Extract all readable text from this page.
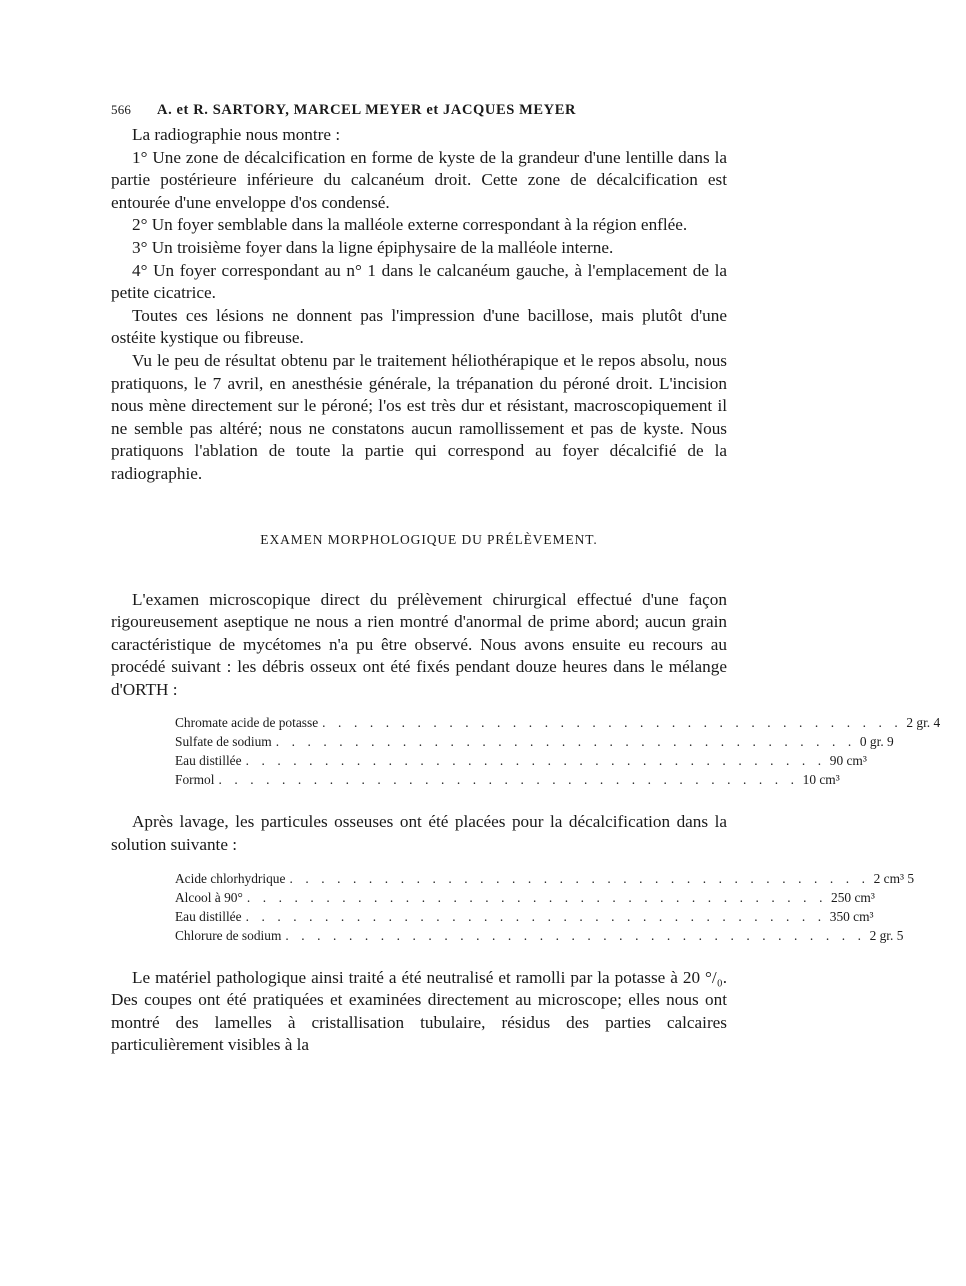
566 A. et R. SARTORY, MARCEL MEYER et JACQUES MEYER

La radiographie nous montre :

1° Une zone de décalcification en forme de kyste de la grandeur d'une lentille dans la partie postérieure inférieure du calcanéum droit. Cette zone de décalcification est entourée d'une enveloppe d'os condensé.

2° Un foyer semblable dans la malléole externe correspondant à la région enflée.

3° Un troisième foyer dans la ligne épiphysaire de la malléole interne.

4° Un foyer correspondant au n° 1 dans le calcanéum gauche, à l'emplacement de la petite cicatrice.

Toutes ces lésions ne donnent pas l'impression d'une bacillose, mais plutôt d'une ostéite kystique ou fibreuse.

Vu le peu de résultat obtenu par le traitement héliothérapique et le repos absolu, nous pratiquons, le 7 avril, en anesthésie générale, la trépanation du péroné droit. L'incision nous mène directement sur le péroné; l'os est très dur et résistant, macroscopiquement il ne semble pas altéré; nous ne constatons aucun ramollissement et pas de kyste. Nous pratiquons l'ablation de toute la partie qui correspond au foyer décalcifié de la radiographie.

EXAMEN MORPHOLOGIQUE DU PRÉLÈVEMENT.

L'examen microscopique direct du prélèvement chirurgical effectué d'une façon rigoureusement aseptique ne nous a rien montré d'anormal de prime abord; aucun grain caractéristique de mycétomes n'a pu être observé. Nous avons ensuite eu recours au procédé suivant : les débris osseux ont été fixés pendant douze heures dans le mélange d'ORTH :

Chromate acide de potasse . . . . . . . . . . . . . . . . . . . . . . . . . . . . . . . . . . . . . 2 gr. 4
Sulfate de sodium . . . . . . . . . . . . . . . . . . . . . . . . . . . . . . . . . . . . . 0 gr. 9
Eau distillée . . . . . . . . . . . . . . . . . . . . . . . . . . . . . . . . . . . . . 90 cm³
Formol . . . . . . . . . . . . . . . . . . . . . . . . . . . . . . . . . . . . . 10 cm³

Après lavage, les particules osseuses ont été placées pour la décalcification dans la solution suivante :

Acide chlorhydrique . . . . . . . . . . . . . . . . . . . . . . . . . . . . . . . . . . . . . 2 cm³ 5
Alcool à 90° . . . . . . . . . . . . . . . . . . . . . . . . . . . . . . . . . . . . . 250 cm³
Eau distillée . . . . . . . . . . . . . . . . . . . . . . . . . . . . . . . . . . . . . 350 cm³
Chlorure de sodium . . . . . . . . . . . . . . . . . . . . . . . . . . . . . . . . . . . . . 2 gr. 5

Le matériel pathologique ainsi traité a été neutralisé et ramolli par la potasse à 20 °/₀. Des coupes ont été pratiquées et examinées directement au microscope; elles nous ont montré des lamelles à cristallisation tubulaire, résidus des parties calcaires particulièrement visibles à la
